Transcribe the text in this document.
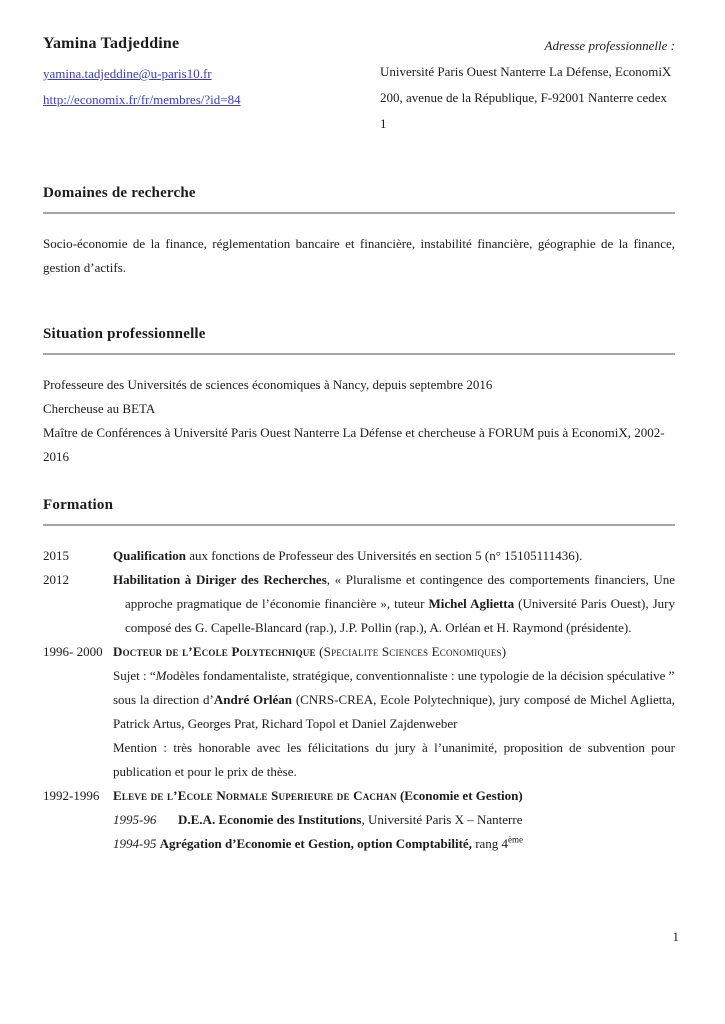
Yamina Tadjeddine
yamina.tadjeddine@u-paris10.fr
http://economix.fr/fr/membres/?id=84
Adresse professionnelle :
Université Paris Ouest Nanterre La Défense, EconomiX
200, avenue de la République, F-92001 Nanterre cedex 1
Domaines de recherche
Socio-économie de la finance, réglementation bancaire et financière, instabilité financière, géographie de la finance, gestion d’actifs.
Situation professionnelle
Professeure des Universités de sciences économiques à Nancy, depuis septembre 2016
Chercheuse au BETA
Maître de Conférences à Université Paris Ouest Nanterre La Défense et chercheuse à FORUM puis à EconomiX, 2002-2016
Formation
2015	Qualification aux fonctions de Professeur des Universités en section 5 (n° 15105111436).
2012	Habilitation à Diriger des Recherches, « Pluralisme et contingence des comportements financiers, Une approche pragmatique de l’économie financière », tuteur Michel Aglietta (Université Paris Ouest), Jury composé des G. Capelle-Blancard (rap.), J.P. Pollin (rap.), A. Orléan et H. Raymond (présidente).
1996- 2000 Docteur de l’Ecole Polytechnique (Specialite Sciences Economiques)
Sujet : “Modèles fondamentaliste, stratégique, conventionnaliste : une typologie de la décision spéculative ”
sous la direction d’André Orléan (CNRS-CREA, Ecole Polytechnique), jury composé de Michel Aglietta, Patrick Artus, Georges Prat, Richard Topol et Daniel Zajdenweber
Mention : très honorable avec les félicitations du jury à l’unanimité, proposition de subvention pour publication et pour le prix de thèse.
1992-1996	Eleve de l’Ecole Normale Superieure de Cachan (Economie et Gestion)
1995-96 D.E.A. Economie des Institutions, Université Paris X – Nanterre
1994-95 Agrégation d’Economie et Gestion, option Comptabilité, rang 4ème
1
